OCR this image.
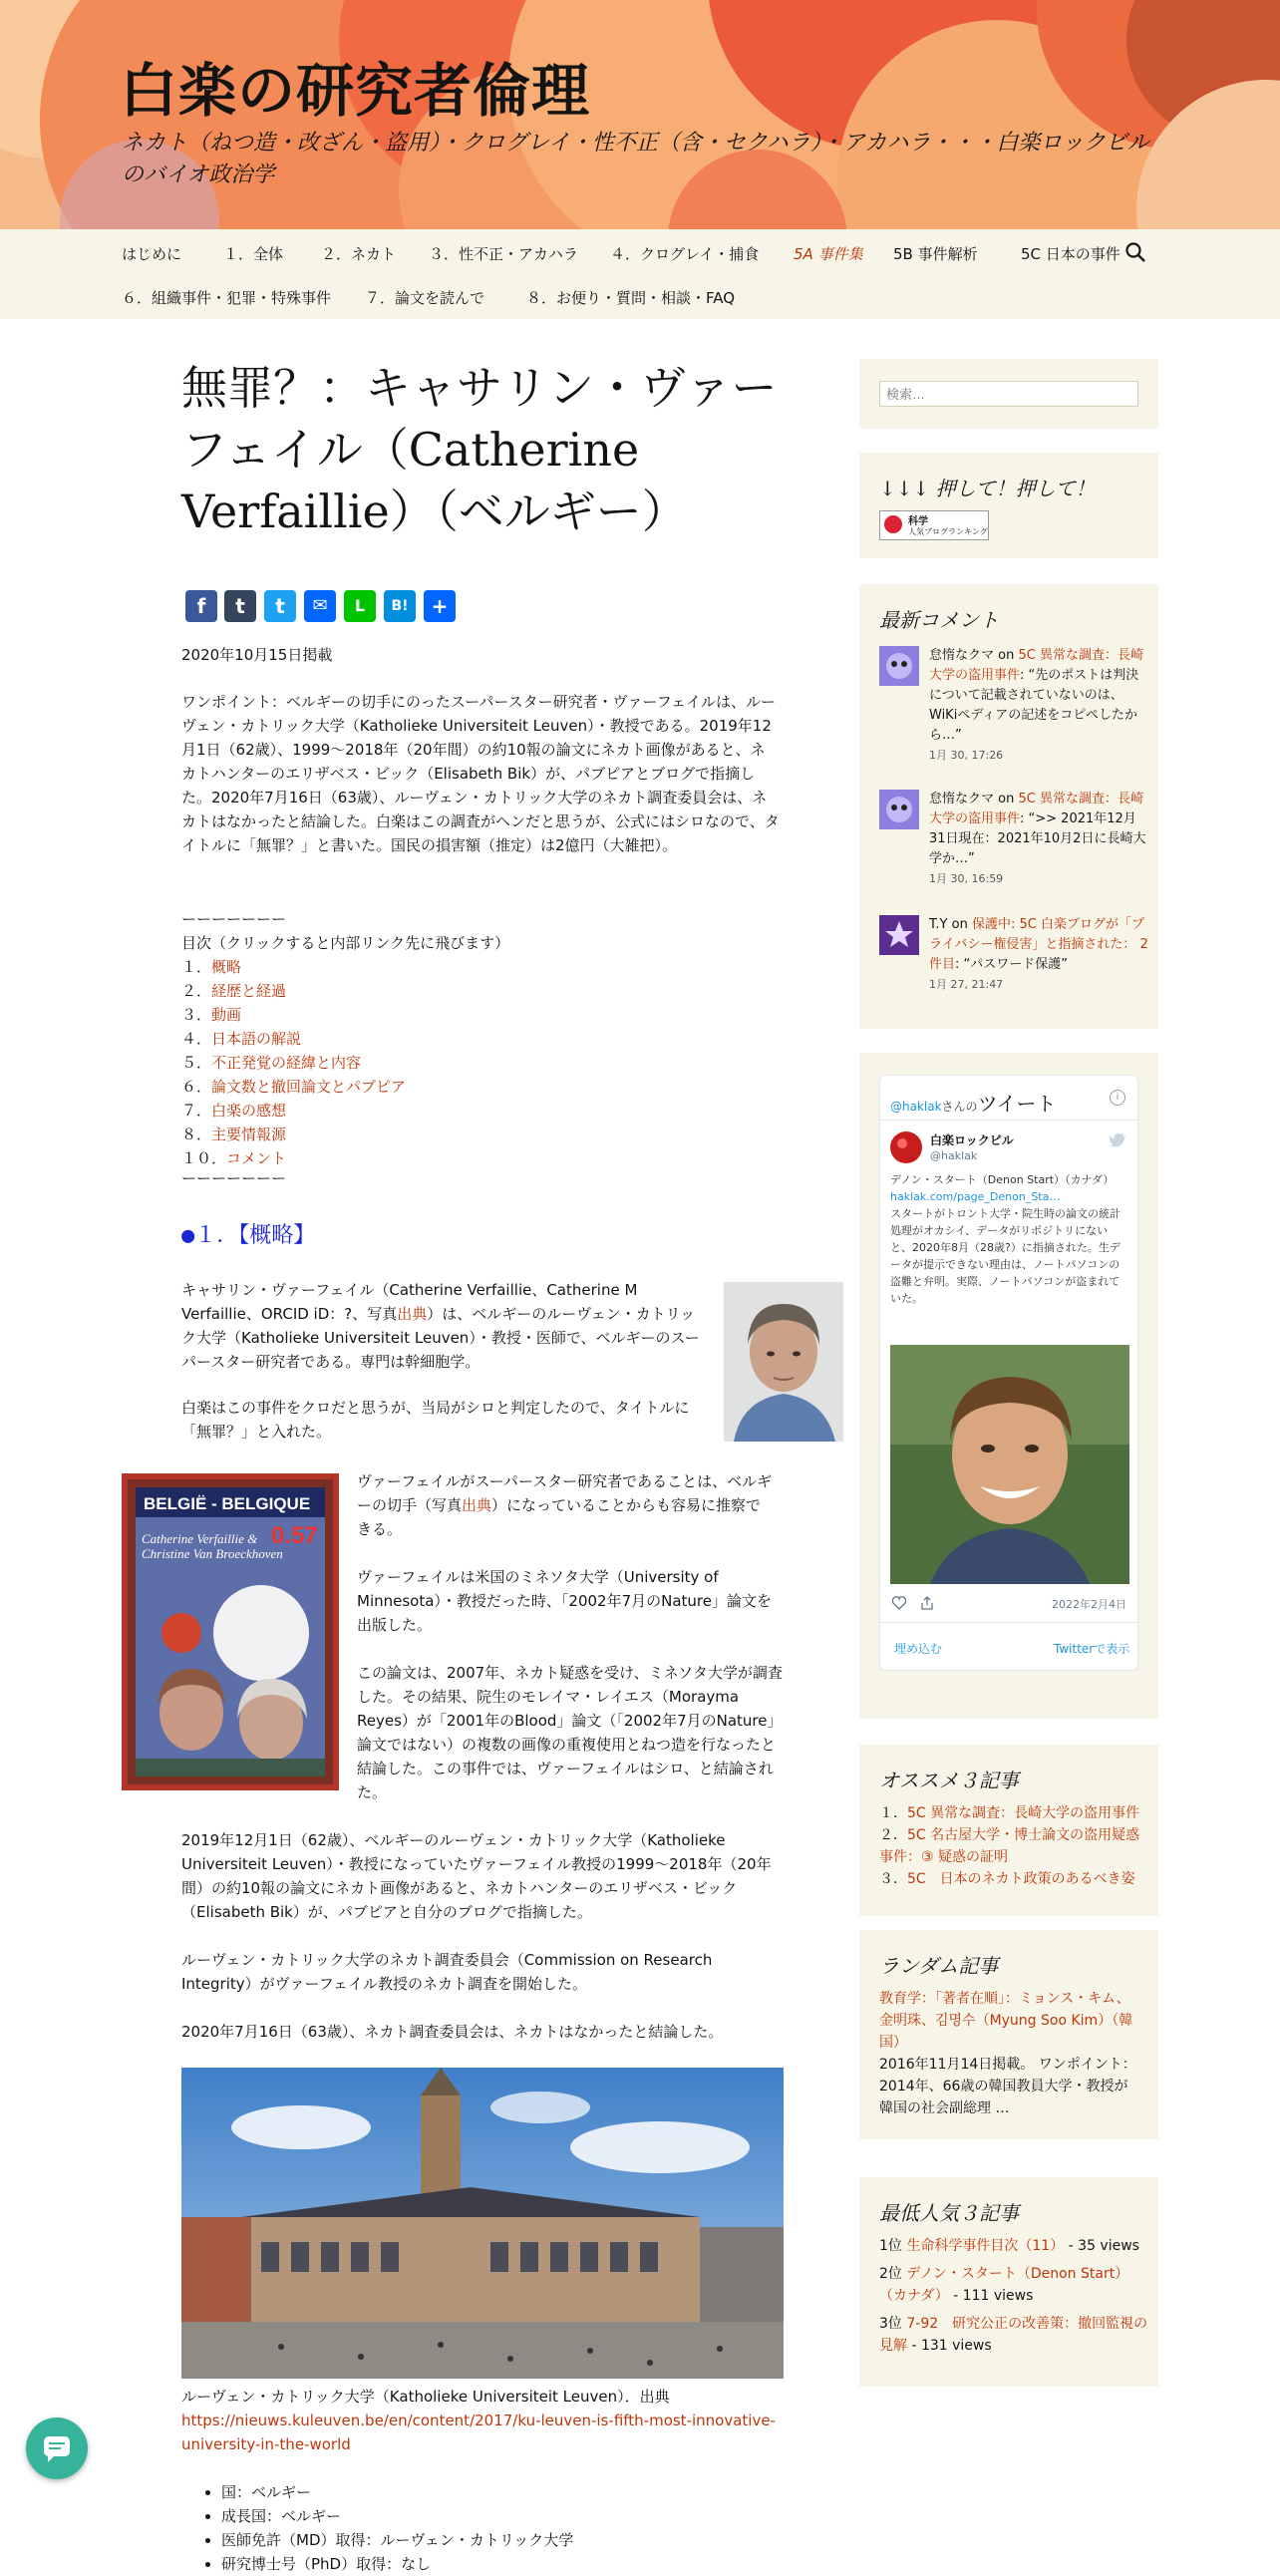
白楽の研究者倫理
ネカト（ねつ造・改ざん・盗用）・クログレイ・性不正（含・セクハラ）・アカハラ・・・白楽ロックビルのバイオ政治学
はじめに	１．全体	２．ネカト ３．性不正・アカハラ ４．クログレイ・捕食 5A 事件集 5B 事件解析	5C 日本の事件
６．組織事件・犯罪・特殊事件 ７．論文を読んで	８．お便り・質問・相談・FAQ
無罪？：キャサリン・ヴァーフェイル（Catherine Verfaillie）（ベルギー）
f	t	t	✉	L	B!	+
2020年10月15日掲載
ワンポイント：ベルギーの切手にのったスーパースター研究者・ヴァーフェイルは、ルーヴェン・カトリック大学（Katholieke Universiteit Leuven）・教授である。2019年12月1日（62歳）、1999～2018年（20年間）の約10報の論文にネカト画像があると、ネカトハンターのエリザベス・ビック（Elisabeth Bik）が、パブピアとブログで指摘した。2020年7月16日（63歳）、ルーヴェン・カトリック大学のネカト調査委員会は、ネカトはなかったと結論した。白楽はこの調査がヘンだと思うが、公式にはシロなので、タイトルに「無罪？」と書いた。国民の損害額（推定）は2億円（大雑把）。
ーーーーーーー
目次（クリックすると内部リンク先に飛びます）
１．概略
２．経歴と経過
３．動画
４．日本語の解説
５．不正発覚の経緯と内容
６．論文数と撤回論文とパブピア
７．白楽の感想
８．主要情報源
１０．コメント
ーーーーーーー
●１．【概略】
キャサリン・ヴァーフェイル（Catherine Verfaillie、Catherine M Verfaillie、ORCID iD：?、写真出典）は、ベルギーのルーヴェン・カトリック大学（Katholieke Universiteit Leuven）・教授・医師で、ベルギーのスーパースター研究者である。専門は幹細胞学。
白楽はこの事件をクロだと思うが、当局がシロと判定したので、タイトルに「無罪？」と入れた。
BELGIË - BELGIQUE
0.57
Catherine Verfaillie & Christine Van Broeckhoven
ヴァーフェイルがスーパースター研究者であることは、ベルギーの切手（写真出典）になっていることからも容易に推察できる。
ヴァーフェイルは米国のミネソタ大学（University of Minnesota）・教授だった時、「2002年7月のNature」論文を出版した。
この論文は、2007年、ネカト疑惑を受け、ミネソタ大学が調査した。その結果、院生のモレイマ・レイエス（Morayma Reyes）が「2001年のBlood」論文（「2002年7月のNature」論文ではない）の複数の画像の重複使用とねつ造を行なったと結論した。この事件では、ヴァーフェイルはシロ、と結論された。
2019年12月1日（62歳）、ベルギーのルーヴェン・カトリック大学（Katholieke Universiteit Leuven）・教授になっていたヴァーフェイル教授の1999～2018年（20年間）の約10報の論文にネカト画像があると、ネカトハンターのエリザベス・ビック（Elisabeth Bik）が、パブピアと自分のブログで指摘した。
ルーヴェン・カトリック大学のネカト調査委員会（Commission on Research Integrity）がヴァーフェイル教授のネカト調査を開始した。
2020年7月16日（63歳）、ネカト調査委員会は、ネカトはなかったと結論した。
ルーヴェン・カトリック大学（Katholieke Universiteit Leuven）．出典
https://nieuws.kuleuven.be/en/content/2017/ku-leuven-is-fifth-most-innovative-university-in-the-world
• 国：ベルギー
• 成長国：ベルギー
• 医師免許（MD）取得：ルーヴェン・カトリック大学
• 研究博士号（PhD）取得：なし
検索…
↓↓↓ 押して！押して！
科学
人気ブログランキング
最新コメント
怠惰なクマ on 5C 異常な調査：長崎大学の盗用事件: “先のポストは判決について記載されていないのは、WiKiペディアの記述をコピペしたから…”
1月 30, 17:26
怠惰なクマ on 5C 異常な調査：長崎大学の盗用事件: “>> 2021年12月31日現在：2021年10月2日に長崎大学か…”
1月 30, 16:59
T.Y on 保護中: 5C 白楽ブログが「プライバシー権侵害」と指摘された： 2件目: “パスワード保護”
1月 27, 21:47
@haklakさんのツイート	i
白楽ロックビル
@haklak
デノン・スタート（Denon Start）（カナダ）haklak.com/page_Denon_Sta…
スタートがトロント大学・院生時の論文の統計処理がオカシイ、データがリポジトリにないと、2020年8月（28歳?）に指摘された。生データが提示できない理由は、ノートパソコンの盗難と弁明。実際、ノートパソコンが盗まれていた。
2022年2月4日
埋め込む	Twitterで表示
オススメ３記事
１．5C 異常な調査：長崎大学の盗用事件
２．5C 名古屋大学・博士論文の盗用疑惑事件：③ 疑惑の証明
３．5C　日本のネカト政策のあるべき姿
ランダム記事
教育学：「著者在順」：ミョンス・キム、金明珠、김명수（Myung Soo Kim）（韓国）
2016年11月14日掲載。 ワンポイント：2014年、66歳の韓国教員大学・教授が韓国の社会副総理 …
最低人気３記事
1位 生命科学事件目次（11） - 35 views
2位 デノン・スタート（Denon Start）（カナダ） - 111 views
3位 7-92　研究公正の改善策：撤回監視の見解 - 131 views
